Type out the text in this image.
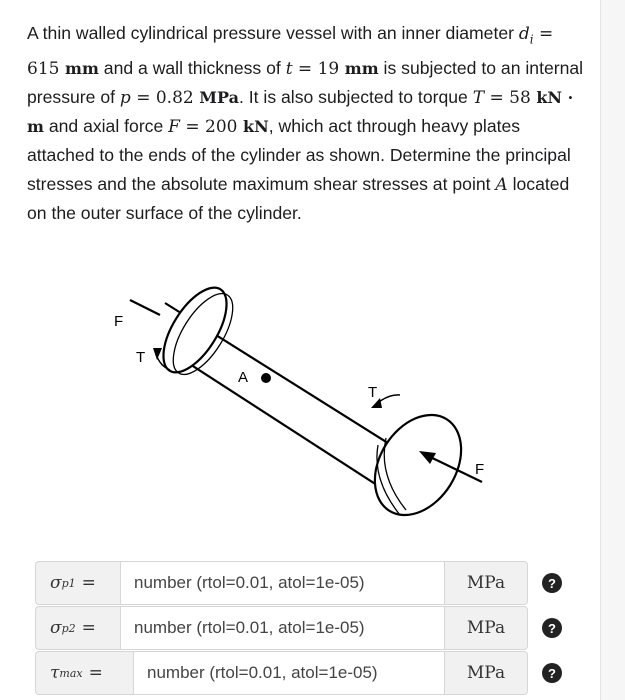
A thin walled cylindrical pressure vessel with an inner diameter $d_i = 615$ mm and a wall thickness of t = 19 mm is subjected to an internal pressure of p = 0.82 MPa. It is also subjected to torque T = 58 kN · m and axial force F = 200 kN, which act through heavy plates attached to the ends of the cylinder as shown. Determine the principal stresses and the absolute maximum shear stresses at point A located on the outer surface of the cylinder.
F
T
A
T
F
σ p1 = number (rtol=0.01, atol=1e-05)	MPa	?
σ p2 = number (rtol=0.01, atol=1e-05)	MPa	?
τ max =	number (rtol=0.01, atol=1e-05)	MPa	?
